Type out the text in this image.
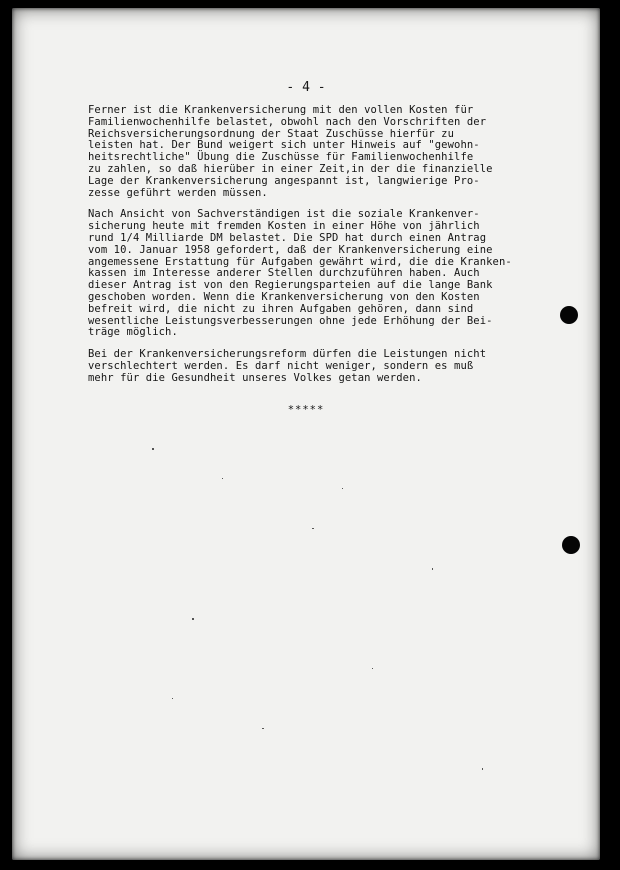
- 4 -
Ferner ist die Krankenversicherung mit den vollen Kosten für
Familienwochenhilfe belastet, obwohl nach den Vorschriften der
Reichsversicherungsordnung der Staat Zuschüsse hierfür zu
leisten hat. Der Bund weigert sich unter Hinweis auf "gewohn-
heitsrechtliche" Übung die Zuschüsse für Familienwochenhilfe
zu zahlen, so daß hierüber in einer Zeit,in der die finanzielle
Lage der Krankenversicherung angespannt ist, langwierige Pro-
zesse geführt werden müssen.
Nach Ansicht von Sachverständigen ist die soziale Krankenver-
sicherung heute mit fremden Kosten in einer Höhe von jährlich
rund 1/4 Milliarde DM belastet. Die SPD hat durch einen Antrag
vom 10. Januar 1958 gefordert, daß der Krankenversicherung eine
angemessene Erstattung für Aufgaben gewährt wird, die die Kranken-
kassen im Interesse anderer Stellen durchzuführen haben. Auch
dieser Antrag ist von den Regierungsparteien auf die lange Bank
geschoben worden. Wenn die Krankenversicherung von den Kosten
befreit wird, die nicht zu ihren Aufgaben gehören, dann sind
wesentliche Leistungsverbesserungen ohne jede Erhöhung der Bei-
träge möglich.
Bei der Krankenversicherungsreform dürfen die Leistungen nicht
verschlechtert werden. Es darf nicht weniger, sondern es muß
mehr für die Gesundheit unseres Volkes getan werden.
*****
